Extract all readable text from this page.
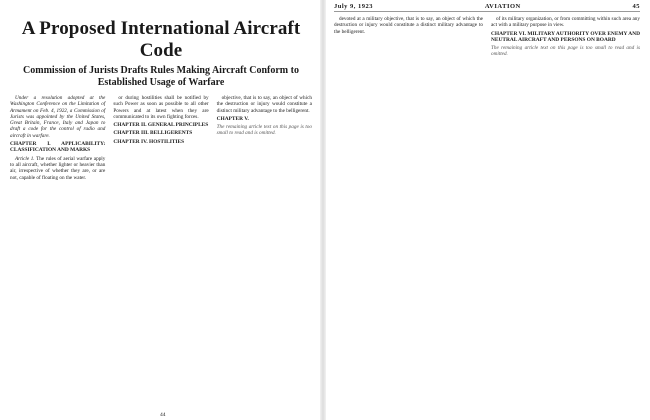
A Proposed International Aircraft Code
Commission of Jurists Drafts Rules Making Aircraft Conform to Established Usage of Warfare

Under a resolution adopted at the Washington Conference on the Limitation of Armament on Feb. 4, 1922, a Commission of Jurists was appointed by the United States, Great Britain, France, Italy and Japan to draft a code for the control of radio and aircraft in warfare.

CHAPTER I. APPLICABILITY: CLASSIFICATION AND MARKS

Article 1. The rules of aerial warfare apply to all aircraft, whether lighter or heavier than air, irrespective of whether they are, or are not, capable of floating on the water.

or during hostilities shall be notified by such Power as soon as possible to all other Powers and at latest when they are communicated to its own fighting forces.

CHAPTER II. GENERAL PRINCIPLES

CHAPTER III. BELLIGERENTS

CHAPTER IV. HOSTILITIES

objective, that is to say, an object of which the destruction or injury would constitute a distinct military advantage to the belligerent.

CHAPTER V.

The remaining article text on this page is too small to read and is omitted.

44
July 9, 1923	AVIATION	45

devoted at a military objective, that is to say, an object of which the destruction or injury would constitute a distinct military advantage to the belligerent.

of its military organization, or from committing within such area any act with a military purpose in view.

CHAPTER VI. MILITARY AUTHORITY OVER ENEMY AND NEUTRAL AIRCRAFT AND PERSONS ON BOARD

The remaining article text on this page is too small to read and is omitted.
